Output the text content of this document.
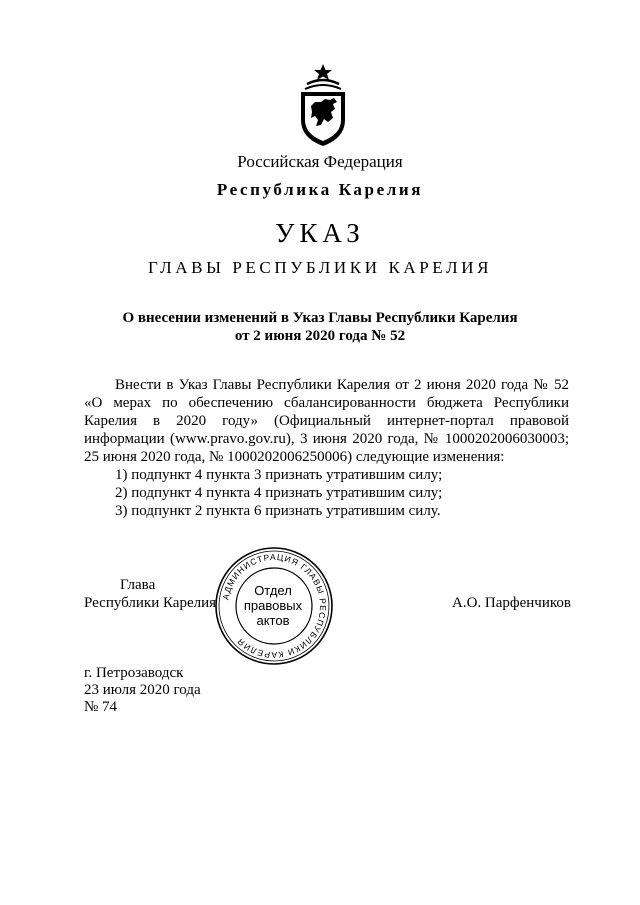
Российская Федерация
Республика Карелия
УКАЗ
ГЛАВЫ РЕСПУБЛИКИ КАРЕЛИЯ
О внесении изменений в Указ Главы Республики Карелия
от 2 июня 2020 года № 52

Внести в Указ Главы Республики Карелия от 2 июня 2020 года № 52 «О мерах по обеспечению сбалансированности бюджета Республики Карелия в 2020 году» (Официальный интернет-портал правовой информации (www.pravo.gov.ru), 3 июня 2020 года, № 1000202006030003; 25 июня 2020 года, № 1000202006250006) следующие изменения:

1) подпункт 4 пункта 3 признать утратившим силу;

2) подпункт 4 пункта 4 признать утратившим силу;

3) подпункт 2 пункта 6 признать утратившим силу.

Глава
Республики Карелия	А.О. Парфенчиков
АДМИНИСТРАЦИЯ ГЛАВЫ РЕСПУБЛИКИ КАРЕЛИЯ
Отдел
правовых
актов
г. Петрозаводск
23 июля 2020 года
№ 74
